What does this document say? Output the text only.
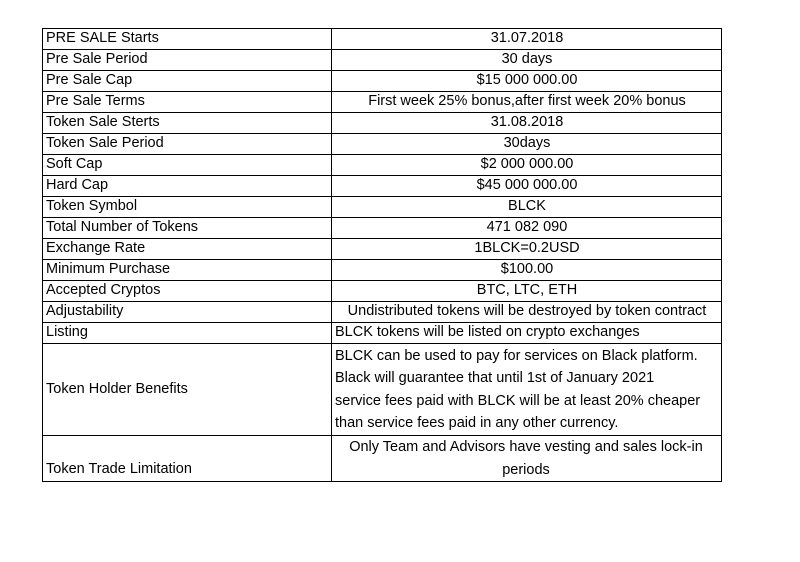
PRE SALE Starts	31.07.2018
Pre Sale Period	30 days
Pre Sale Cap	$15 000 000.00
Pre Sale Terms	First week 25% bonus,after first week 20% bonus
Token Sale Sterts	31.08.2018
Token Sale Period	30days
Soft Cap	$2 000 000.00
Hard Cap	$45 000 000.00
Token Symbol	BLCK
Total Number of Tokens	471 082 090
Exchange Rate	1BLCK=0.2USD
Minimum Purchase	$100.00
Accepted Cryptos	BTC, LTC, ETH
Adjustability	Undistributed tokens will be destroyed by token contract
Listing	BLCK tokens will be listed on crypto exchanges
Token Holder Benefits	BLCK can be used to pay for services on Black platform.
Black will guarantee that until 1st of January 2021
service fees paid with BLCK will be at least 20% cheaper
than service fees paid in any other currency.

Token Trade Limitation	Only Team and Advisors have vesting and sales lock-in periods
